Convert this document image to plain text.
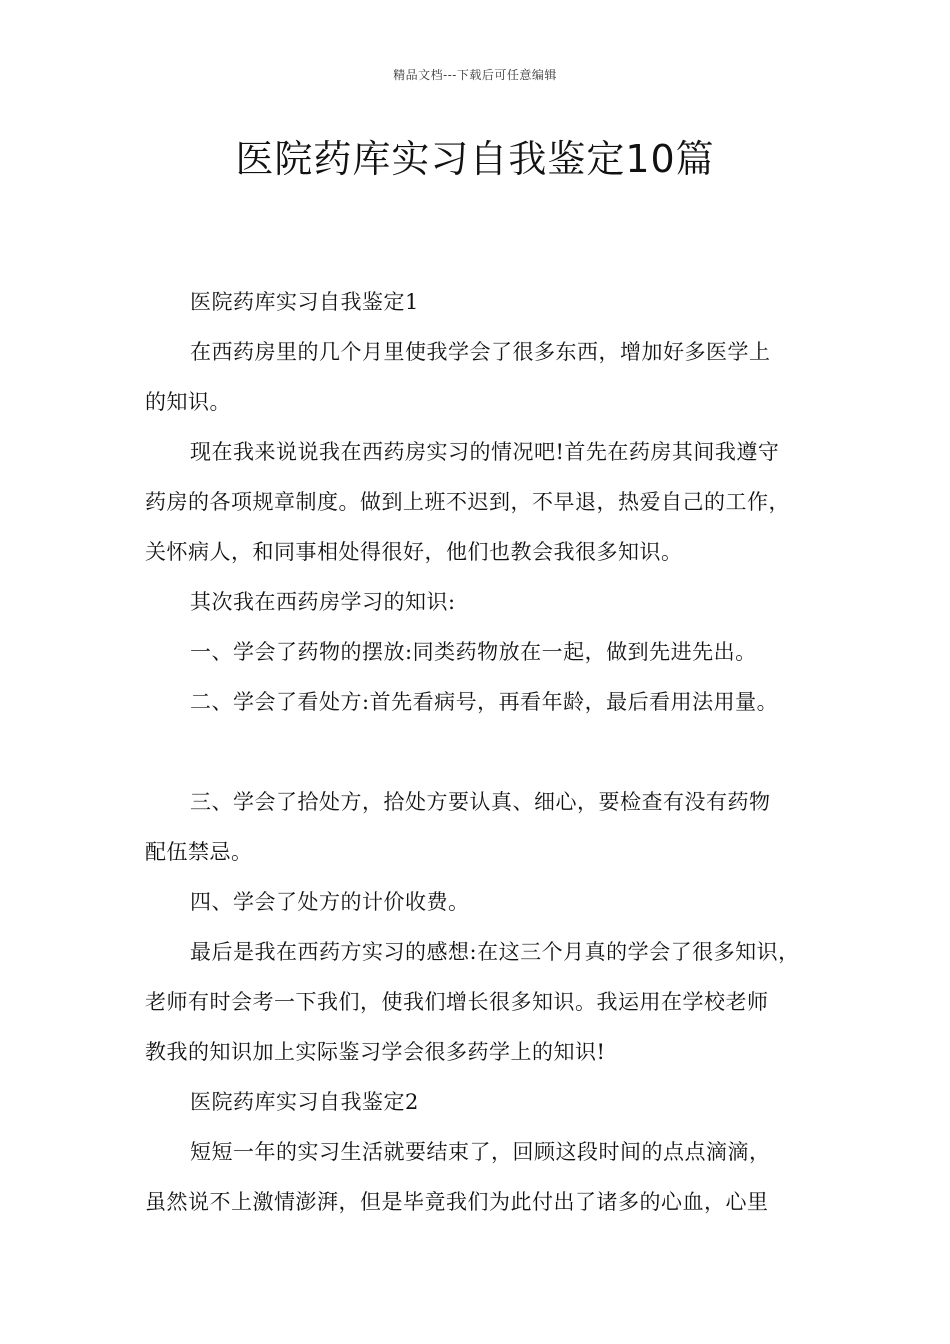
精品文档---下载后可任意编辑
医院药库实习自我鉴定10篇
医院药库实习自我鉴定1
在西药房里的几个月里使我学会了很多东西，增加好多医学上
的知识。
现在我来说说我在西药房实习的情况吧!首先在药房其间我遵守
药房的各项规章制度。做到上班不迟到，不早退，热爱自己的工作，
关怀病人，和同事相处得很好，他们也教会我很多知识。
其次我在西药房学习的知识:
一、学会了药物的摆放:同类药物放在一起，做到先进先出。
二、学会了看处方:首先看病号，再看年龄，最后看用法用量。
三、学会了拾处方，拾处方要认真、细心，要检查有没有药物
配伍禁忌。
四、学会了处方的计价收费。
最后是我在西药方实习的感想:在这三个月真的学会了很多知识，
老师有时会考一下我们，使我们增长很多知识。我运用在学校老师
教我的知识加上实际鉴习学会很多药学上的知识!
医院药库实习自我鉴定2
短短一年的实习生活就要结束了，回顾这段时间的点点滴滴，
虽然说不上激情澎湃，但是毕竟我们为此付出了诸多的心血，心里
